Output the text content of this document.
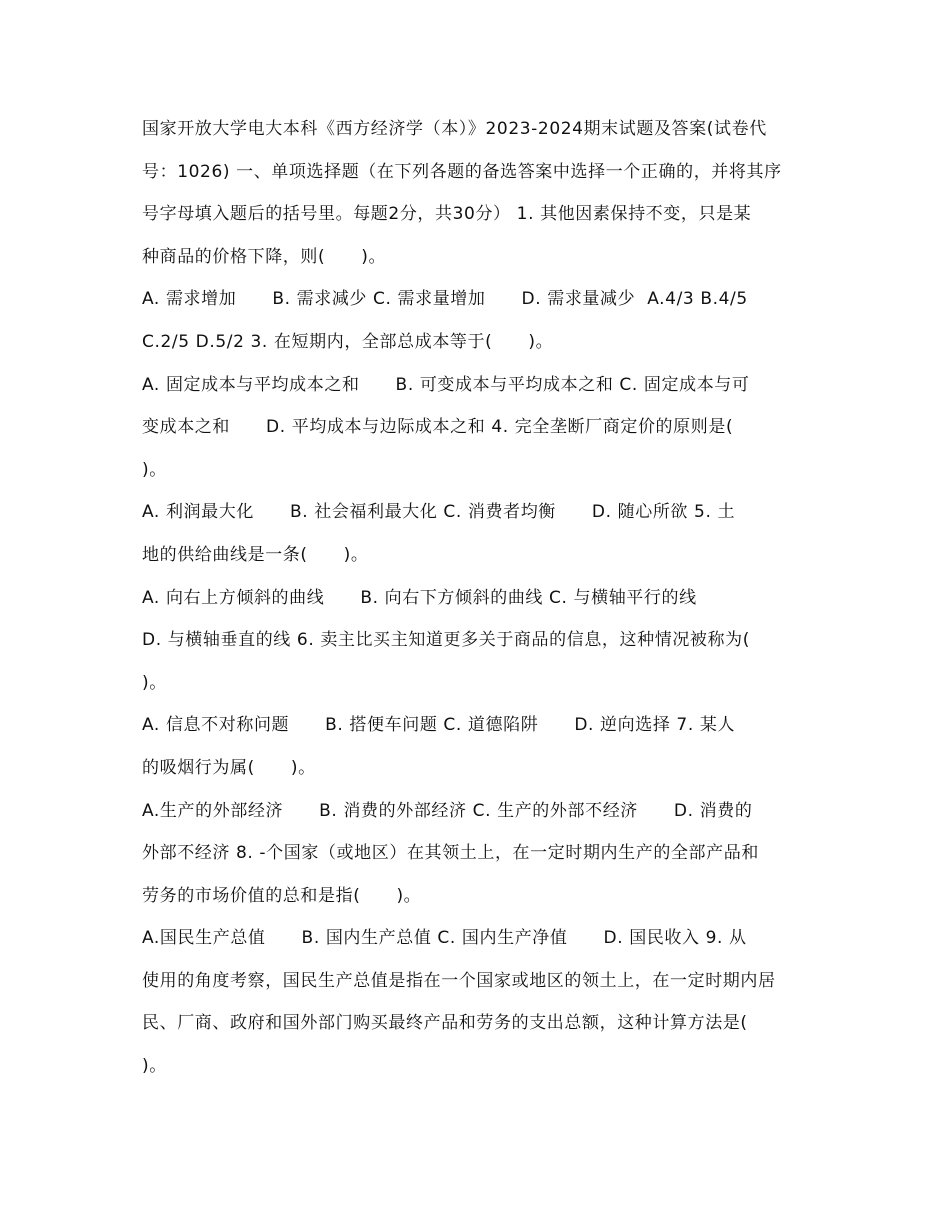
国家开放大学电大本科《西方经济学（本）》2023-2024期末试题及答案(试卷代
号：1026) 一、单项选择题（在下列各题的备选答案中选择一个正确的，并将其序
号字母填入题后的括号里。每题2分，共30分） 1. 其他因素保持不变，只是某
种商品的价格下降，则(      )。
A. 需求增加      B. 需求减少 C. 需求量增加      D. 需求量减少  A.4/3 B.4/5
C.2/5 D.5/2 3. 在短期内，全部总成本等于(      )。
A. 固定成本与平均成本之和      B. 可变成本与平均成本之和 C. 固定成本与可
变成本之和      D. 平均成本与边际成本之和 4. 完全垄断厂商定价的原则是(
)。
A. 利润最大化      B. 社会福利最大化 C. 消费者均衡      D. 随心所欲 5. 土
地的供给曲线是一条(      )。
A. 向右上方倾斜的曲线      B. 向右下方倾斜的曲线 C. 与横轴平行的线
D. 与横轴垂直的线 6. 卖主比买主知道更多关于商品的信息，这种情况被称为(
)。
A. 信息不对称问题      B. 搭便车问题 C. 道德陷阱      D. 逆向选择 7. 某人
的吸烟行为属(      )。
A.生产的外部经济      B. 消费的外部经济 C. 生产的外部不经济      D. 消费的
外部不经济 8. -个国家（或地区）在其领土上，在一定时期内生产的全部产品和
劳务的市场价值的总和是指(      )。
A.国民生产总值      B. 国内生产总值 C. 国内生产净值      D. 国民收入 9. 从
使用的角度考察，国民生产总值是指在一个国家或地区的领土上，在一定时期内居
民、厂商、政府和国外部门购买最终产品和劳务的支出总额，这种计算方法是(
)。
